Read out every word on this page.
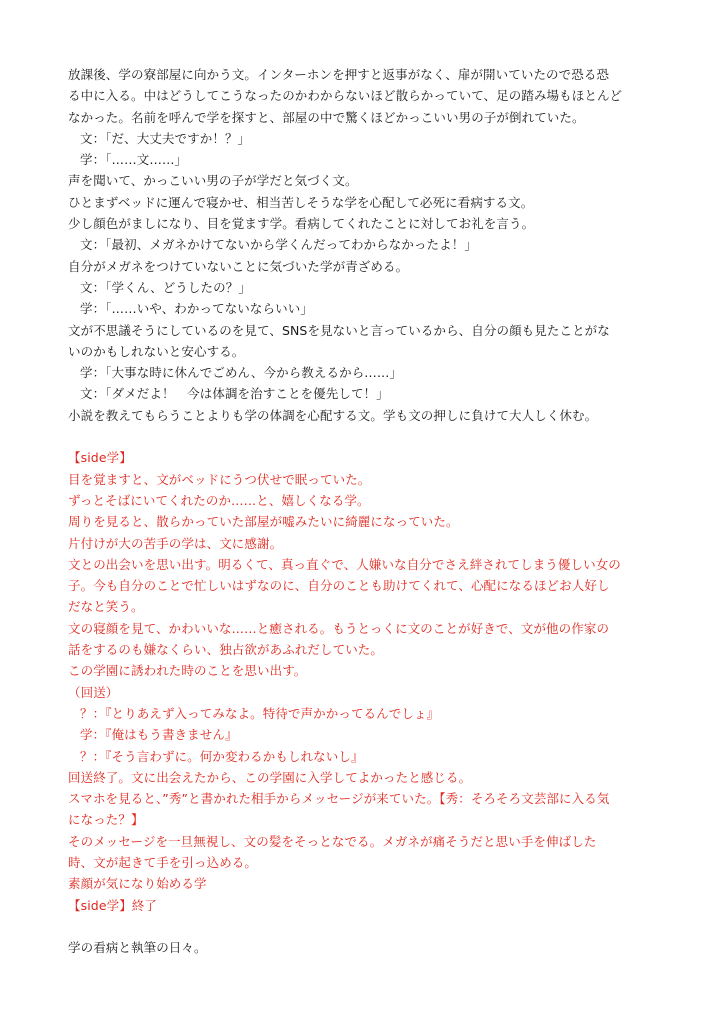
放課後、学の寮部屋に向かう文。インターホンを押すと返事がなく、扉が開いていたので恐る恐
る中に入る。中はどうしてこうなったのかわからないほど散らかっていて、足の踏み場もほとんど
なかった。名前を呼んで学を探すと、部屋の中で驚くほどかっこいい男の子が倒れていた。
文：「だ、大丈夫ですか！？」
学：「……文……」
声を聞いて、かっこいい男の子が学だと気づく文。
ひとまずベッドに運んで寝かせ、相当苦しそうな学を心配して必死に看病する文。
少し顔色がましになり、目を覚ます学。看病してくれたことに対してお礼を言う。
文：「最初、メガネかけてないから学くんだってわからなかったよ！」
自分がメガネをつけていないことに気づいた学が青ざめる。
文：「学くん、どうしたの？」
学：「……いや、わかってないならいい」
文が不思議そうにしているのを見て、SNSを見ないと言っているから、自分の顔も見たことがな
いのかもしれないと安心する。
学：「大事な時に休んでごめん、今から教えるから……」
文：「ダメだよ！　今は体調を治すことを優先して！」
小説を教えてもらうことよりも学の体調を心配する文。学も文の押しに負けて大人しく休む。
【side学】
目を覚ますと、文がベッドにうつ伏せで眠っていた。
ずっとそばにいてくれたのか……と、嬉しくなる学。
周りを見ると、散らかっていた部屋が嘘みたいに綺麗になっていた。
片付けが大の苦手の学は、文に感謝。
文との出会いを思い出す。明るくて、真っ直ぐで、人嫌いな自分でさえ絆されてしまう優しい女の
子。今も自分のことで忙しいはずなのに、自分のことも助けてくれて、心配になるほどお人好し
だなと笑う。
文の寝顔を見て、かわいいな……と癒される。もうとっくに文のことが好きで、文が他の作家の
話をするのも嫌なくらい、独占欲があふれだしていた。
この学園に誘われた時のことを思い出す。
（回送）
？：『とりあえず入ってみなよ。特待で声かかってるんでしょ』
学：『俺はもう書きません』
？：『そう言わずに。何か変わるかもしれないし』
回送終了。文に出会えたから、この学園に入学してよかったと感じる。
スマホを見ると、”秀”と書かれた相手からメッセージが来ていた。【秀：そろそろ文芸部に入る気
になった？】
そのメッセージを一旦無視し、文の髪をそっとなでる。メガネが痛そうだと思い手を伸ばした
時、文が起きて手を引っ込める。
素顔が気になり始める学
【side学】終了
学の看病と執筆の日々。
